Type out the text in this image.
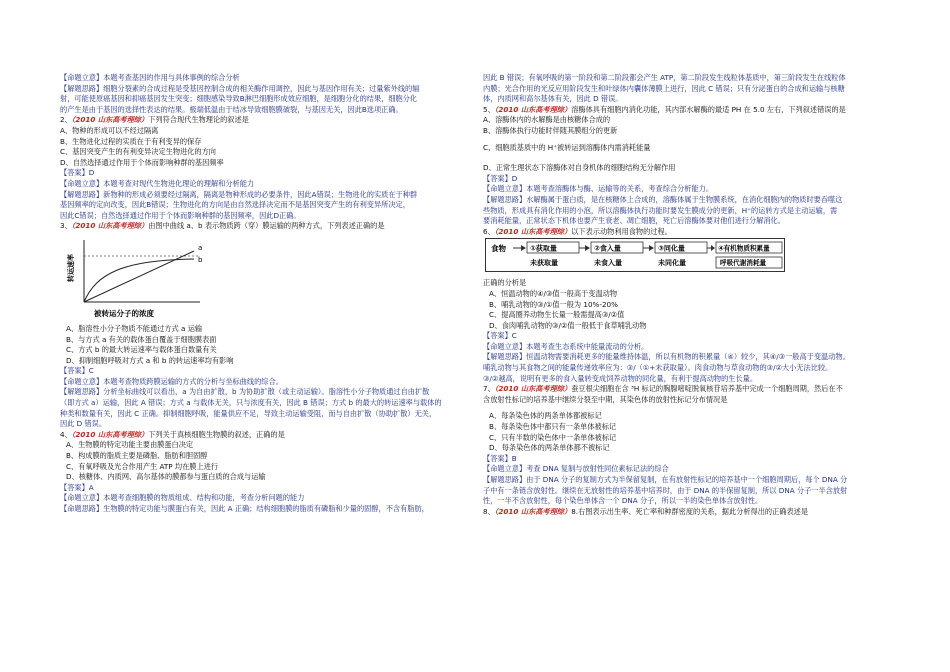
【命题立意】本题考查基因的作用与具体事例的综合分析

【解题思路】细胞分裂素的合成过程是受基因控制合成的相关酶作用调控，因此与基因作用有关；过量紫外线的辐

射，可能使原癌基因和抑癌基因发生突变；细胞感染导致B淋巴细胞形成效应细胞，是细胞分化的结果，细胞分化

的产生是由于基因的选择性表达的结果。极端低温由于结冰导致细胞膜破裂，与基因无关，因此B选项正确。

2、（2010 山东高考理综）下列符合现代生物理论的叙述是

A、物种的形成可以不经过隔离

B、生物进化过程的实质在于有利变异的保存

C、基因突变产生的有利变异决定生物进化的方向

D、自然选择通过作用于个体而影响种群的基因频率

【答案】D

【命题立意】本题考查对现代生物进化理论的理解和分析能力

【解题思路】新物种的形成必须要经过隔离，隔离是物种形成的必要条件，因此A错误；生物进化的实质在于种群

基因频率的定向改变，因此B错误；生物进化的方向是由自然选择决定而不是基因突变产生的有利变异所决定，

因此C错误；自然选择通过作用于个体而影响种群的基因频率，因此D正确。

3、（2010 山东高考理综）由图中曲线 a、b 表示物质跨（穿）膜运输的两种方式，下列表述正确的是

转运速率
a
b
被转运分子的浓度

A、脂溶性小分子物质不能通过方式 a 运输

B、与方式 a 有关的载体蛋白覆盖于细胞膜表面

C、方式 b 的最大转运速率与载体蛋白数量有关

D、抑制细胞呼吸对方式 a 和 b 的转运速率均有影响

【答案】C

【命题立意】本题考查物质跨膜运输的方式的分析与坐标曲线的综合。

【解题思路】分析坐标曲线可以看出，a 为自由扩散，b 为协助扩散（或主动运输）。脂溶性小分子物质通过自由扩散

（即方式 a）运输，因此 A 错误；方式 a 与载体无关，只与浓度有关，因此 B 错误；方式 b 的最大的转运速率与载体的

种类和数量有关，因此 C 正确。抑制细胞呼吸，能量供应不足，导致主动运输受阻，而与自由扩散（协助扩散）无关，

因此 D 错误。

4、（2010 山东高考理综）下列关于真核细胞生物膜的叙述，正确的是

A、生物膜的特定功能主要由膜蛋白决定

B、构成膜的脂质主要是磷脂、脂肪和胆固醇

C、有氧呼吸及光合作用产生 ATP 均在膜上进行

D、核糖体、内质网、高尔基体的膜都参与蛋白质的合成与运输

【答案】A

【命题立意】本题考查细胞膜的物质组成、结构和功能，考查分析问题的能力

【命题思路】生物膜的特定功能与膜蛋白有关，因此 A 正确；结构细胞膜的脂质有磷脂和少量的固醇，不含有脂肪，

因此 B 错误；有氧呼吸的第一阶段和第二阶段都会产生 ATP，第二阶段发生线粒体基质中，第三阶段发生在线粒体

内膜；光合作用的光反应用阶段发生和叶绿体内囊体薄膜上进行，因此 C 错误；只有分泌蛋白的合成和运输与核糖

体，内质网和高尔基体有关，因此 D 错误。

5、（2010 山东高考理综）溶酶体具有细胞内消化功能，其内部水解酶的最适 PH 在 5.0 左右，下列叙述错误的是

A、溶酶体内的水解酶是由核糖体合成的

B、溶酶体执行功能时伴随其膜组分的更新

C、细胞质基质中的 H⁺被转运到溶酶体内需消耗能量

D、正常生理状态下溶酶体对自身机体的细胞结构无分解作用

【答案】D

【命题立意】本题考查溶酶体与酶、运输等的关系，考查综合分析能力。

【解题思路】水解酶属于蛋白质，是在核糖体上合成的，溶酶体属于生物膜系统，在消化细胞内的物质时要吞噬这

些物质，形成具有消化作用的小泡，所以溶酶体执行功能时要发生膜成分的更新，H⁺的运转方式是主动运输，需

要消耗能量，正常状态下机体也要产生衰老、凋亡细胞，死亡后溶酶体要对他们进行分解消化。

6、（2010 山东高考理综）以下表示动物利用食物的过程。

食物	①获取量
未获取量
②食入量
未食入量
③同化量
未同化量
④有机物质积累量
呼吸代谢消耗量

正确的分析是

A、恒温动物的④/③值一般高于变温动物

B、哺乳动物的③/①值一般为 10%-20%

C、提高圈养动物生长量一般需提高③/②值

D、食肉哺乳动物的③/②值一般低于食草哺乳动物

【答案】C

【命题立意】本题考查生态系统中能量流动的分析。

【解题思路】恒温动物需要消耗更多的能量维持体温，所以有机物的积累量（④）较少，其④/③一般高于变温动物。

哺乳动物与其食物之间的能量传递效率应为：③/（①+未获取量）。肉食动物与草食动物的③/②大小无法比较。

③/②越高，说明有更多的食入量转变成饲养动物的同化量，有利于提高动物的生长量。

7、（2010 山东高考理综）蚕豆根尖细胞在含 ³H 标记的胸腺嘧啶脱氧核苷培养基中完成一个细胞周期，然后在不

含放射性标记的培养基中继续分裂至中期，其染色体的放射性标记分布情况是

A、每条染色体的两条单体都被标记

B、每条染色体中都只有一条单体被标记

C、只有半数的染色体中一条单体被标记

D、每条染色体的两条单体都不被标记

【答案】B

【命题立意】考查 DNA 复制与放射性同位素标记法的综合

【解题思路】由于 DNA 分子的复制方式为半保留复制，在有放射性标记的培养基中一个细胞周期后，每个 DNA 分

子中有一条链含放射性。继续在无放射性的培养基中培养时，由于 DNA 的半保留复制，所以 DNA 分子一半含放射

性，一半不含放射性，每个染色单体含一个 DNA 分子，所以一半的染色单体含放射性。

8、（2010 山东高考理综）8.右图表示出生率、死亡率和种群密度的关系，据此分析得出的正确表述是
